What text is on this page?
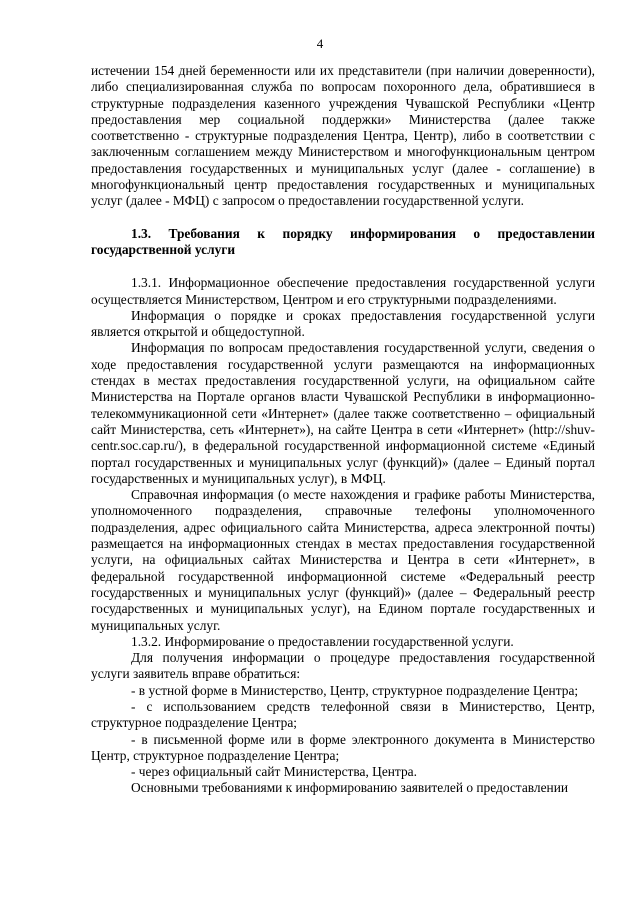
4

истечении 154 дней беременности или их представители (при наличии доверенности), либо специализированная служба по вопросам похоронного дела, обратившиеся в структурные подразделения казенного учреждения Чувашской Республики «Центр предоставления мер социальной поддержки» Министерства (далее также соответственно - структурные подразделения Центра, Центр), либо в соответствии с заключенным соглашением между Министерством и многофункциональным центром предоставления государственных и муниципальных услуг (далее - соглашение) в многофункциональный центр предоставления государственных и муниципальных услуг (далее - МФЦ) с запросом о предоставлении государственной услуги.

1.3. Требования к порядку информирования о предоставлении государственной услуги

1.3.1. Информационное обеспечение предоставления государственной услуги осуществляется Министерством, Центром и его структурными подразделениями.

Информация о порядке и сроках предоставления государственной услуги является открытой и общедоступной.

Информация по вопросам предоставления государственной услуги, сведения о ходе предоставления государственной услуги размещаются на информационных стендах в местах предоставления государственной услуги, на официальном сайте Министерства на Портале органов власти Чувашской Республики в информационно-телекоммуникационной сети «Интернет» (далее также соответственно – официальный сайт Министерства, сеть «Интернет»), на сайте Центра в сети «Интернет» (http://shuv-centr.soc.cap.ru/), в федеральной государственной информационной системе «Единый портал государственных и муниципальных услуг (функций)» (далее – Единый портал государственных и муниципальных услуг), в МФЦ.

Справочная информация (о месте нахождения и графике работы Министерства, уполномоченного подразделения, справочные телефоны уполномоченного подразделения, адрес официального сайта Министерства, адреса электронной почты) размещается на информационных стендах в местах предоставления государственной услуги, на официальных сайтах Министерства и Центра в сети «Интернет», в федеральной государственной информационной системе «Федеральный реестр государственных и муниципальных услуг (функций)» (далее – Федеральный реестр государственных и муниципальных услуг), на Едином портале государственных и муниципальных услуг.

1.3.2. Информирование о предоставлении государственной услуги.

Для получения информации о процедуре предоставления государственной услуги заявитель вправе обратиться:

- в устной форме в Министерство, Центр, структурное подразделение Центра;

- с использованием средств телефонной связи в Министерство, Центр, структурное подразделение Центра;

- в письменной форме или в форме электронного документа в Министерство Центр, структурное подразделение Центра;

- через официальный сайт Министерства, Центра.

Основными требованиями к информированию заявителей о предоставлении
